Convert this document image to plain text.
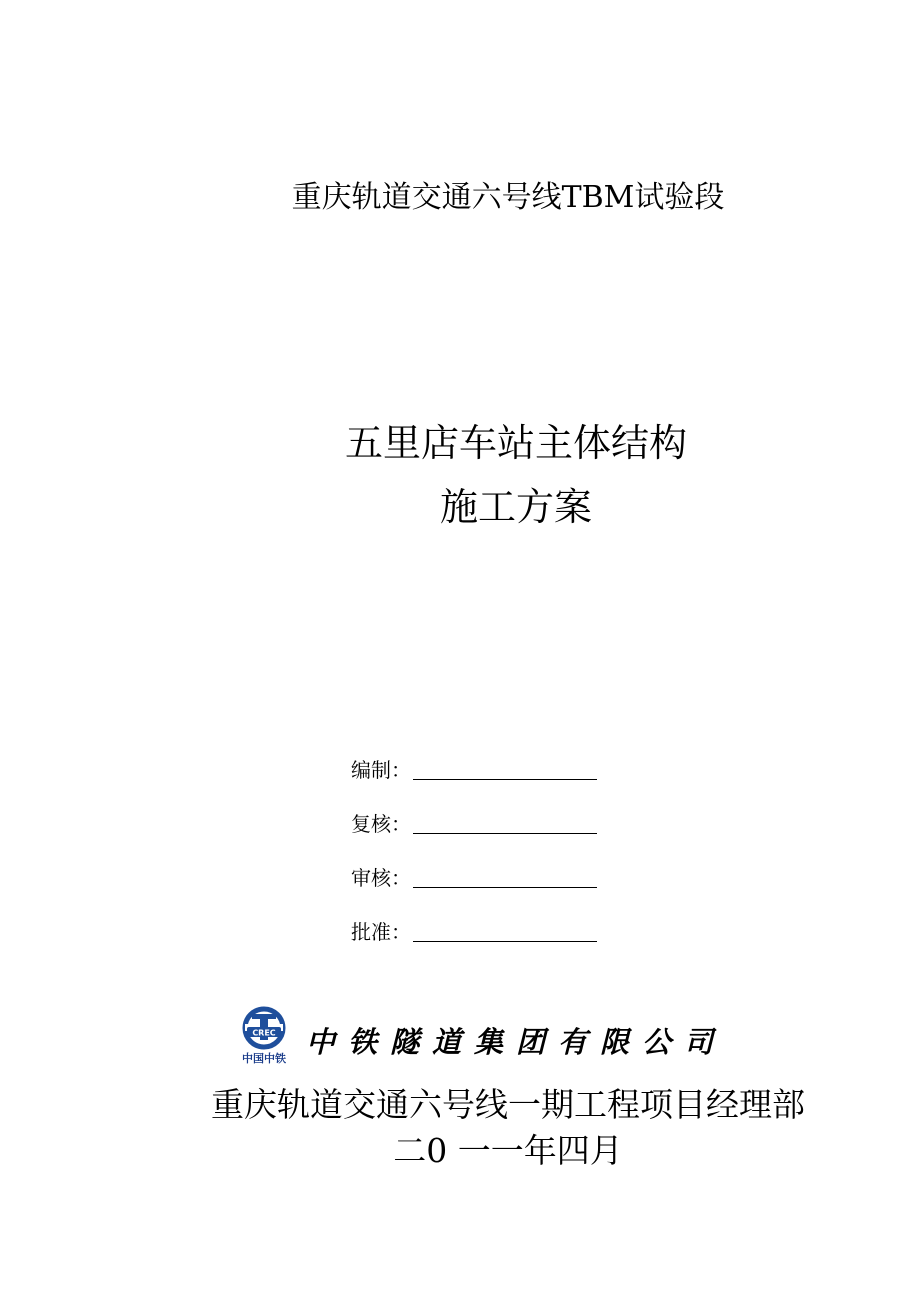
重庆轨道交通六号线TBM试验段
五里店车站主体结构
施工方案
编制：
复核：
审核：
批准：
CREC
中国中铁 中铁隧道集团有限公司
重庆轨道交通六号线一期工程项目经理部
二0 一一年四月
